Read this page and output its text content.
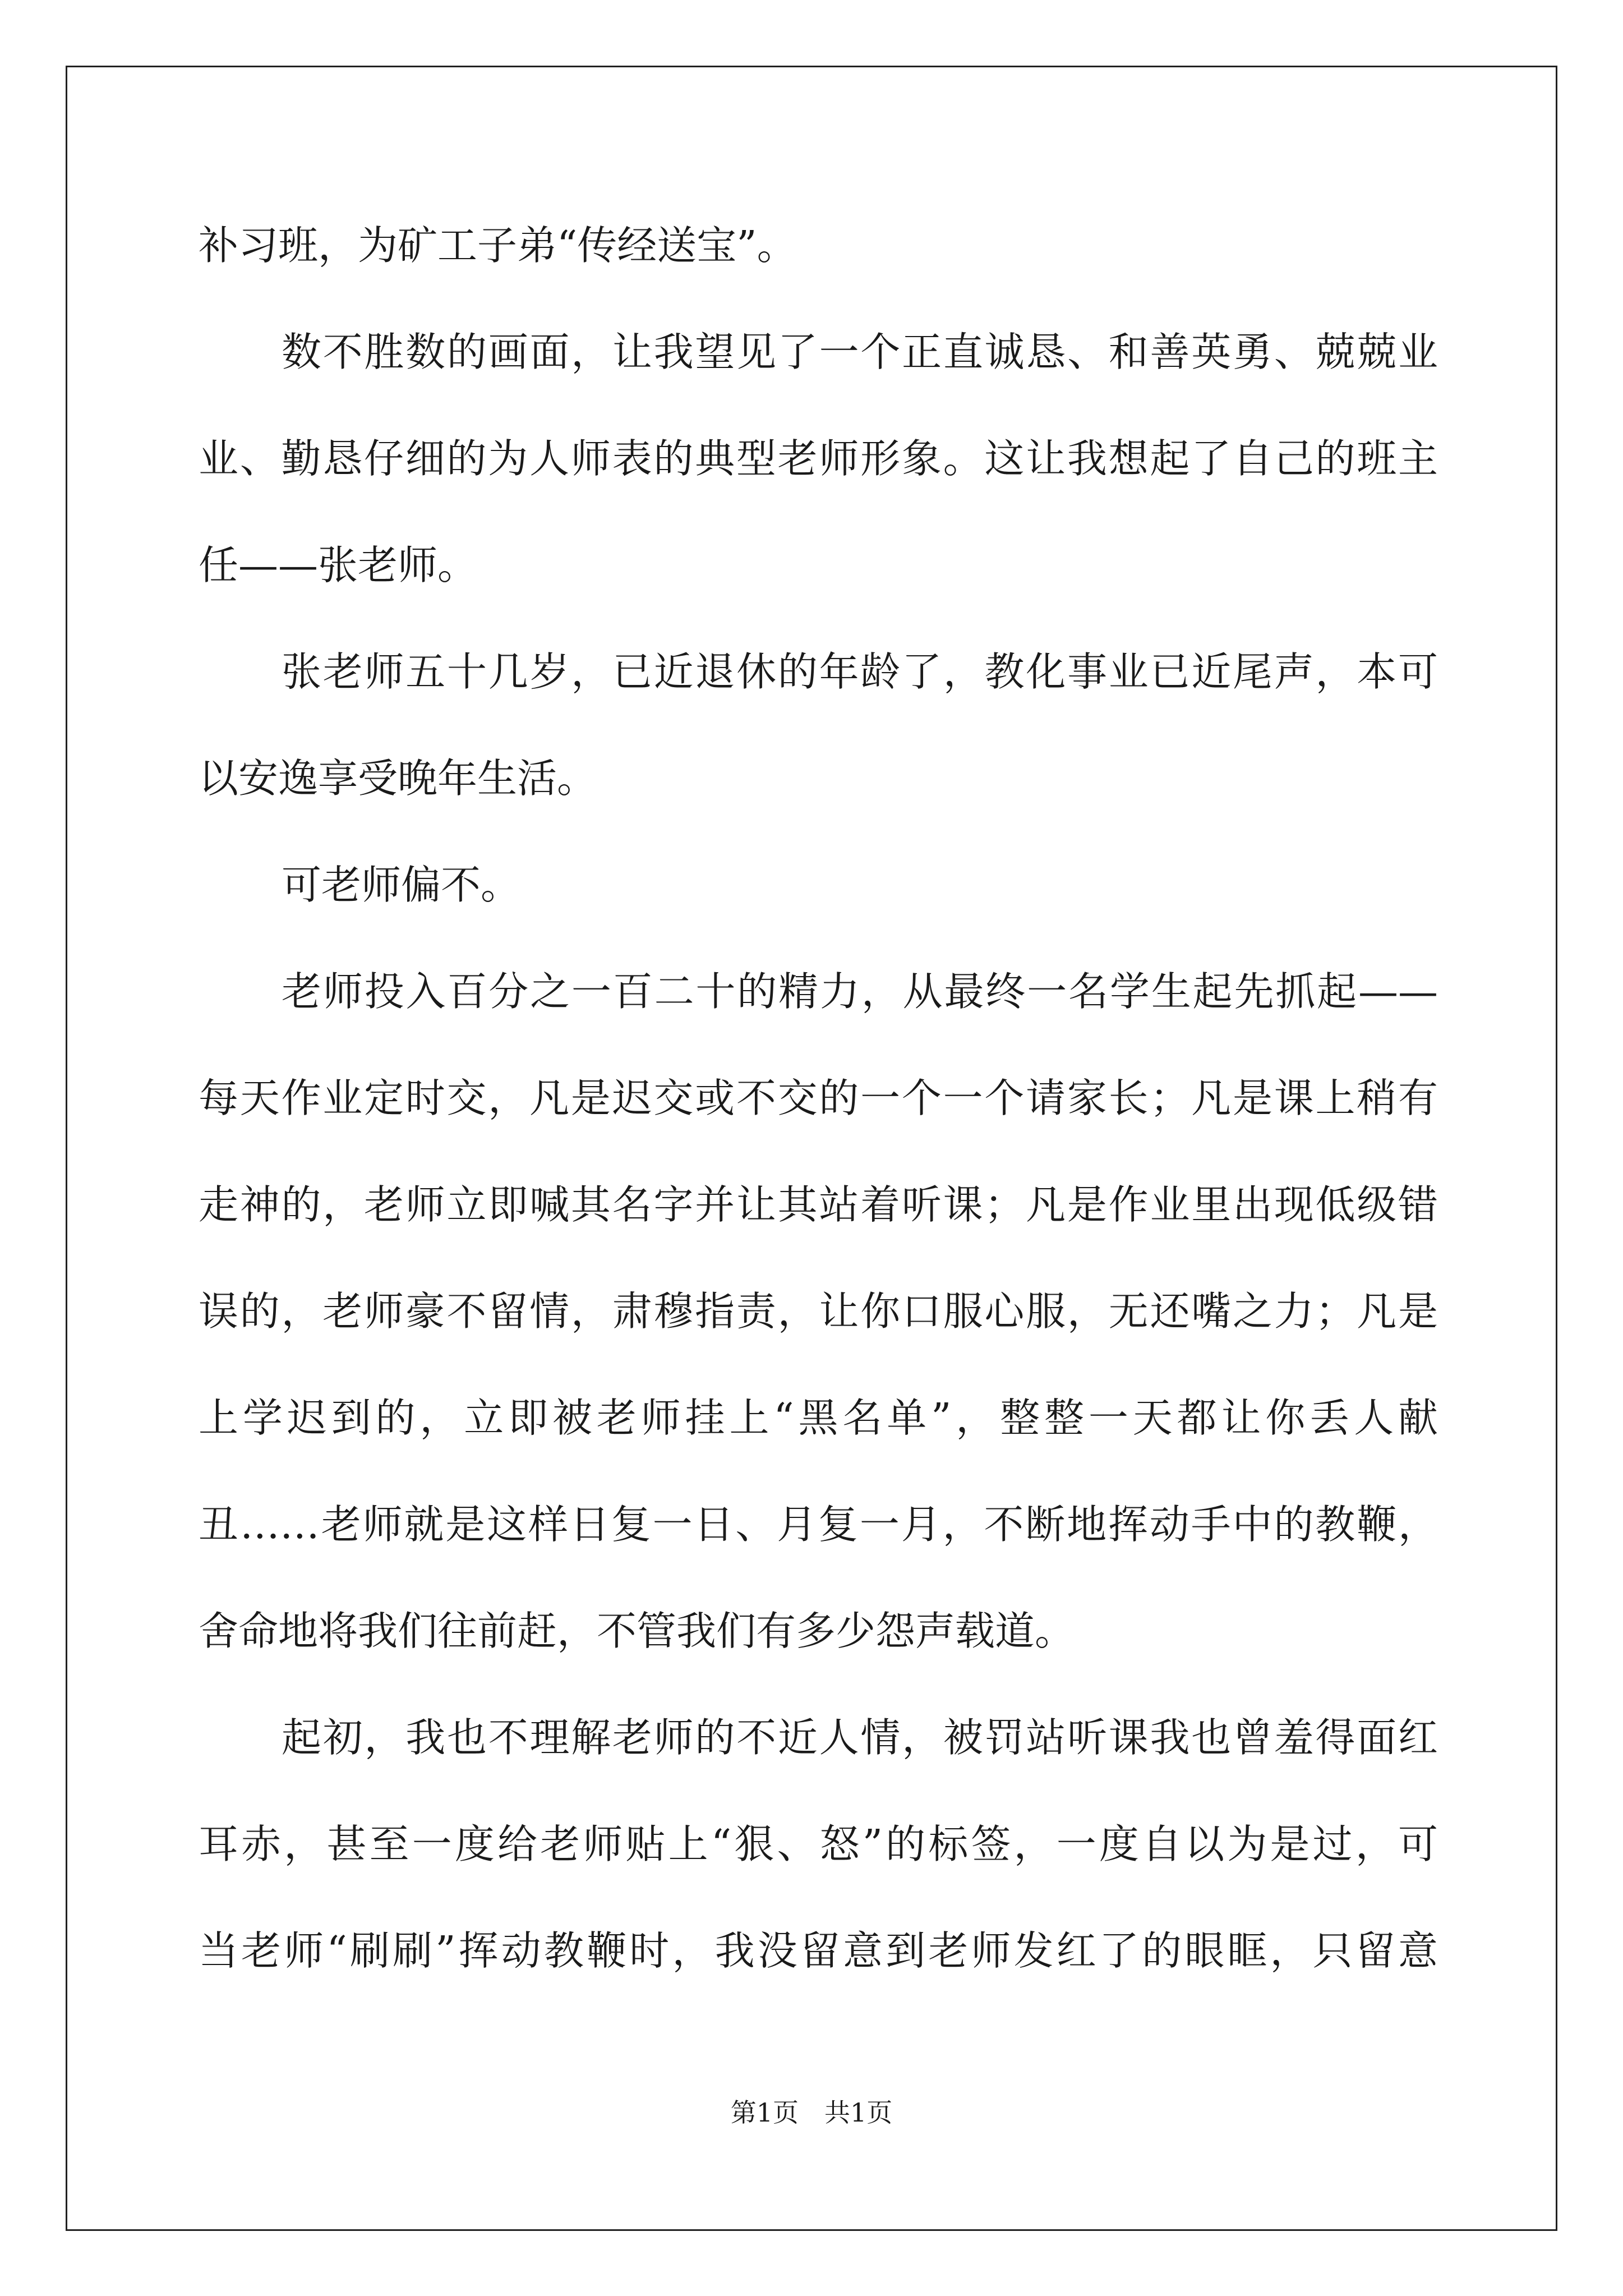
补习班，为矿工子弟“传经送宝”。
数不胜数的画面，让我望见了一个正直诚恳、和善英勇、兢兢业
业、勤恳仔细的为人师表的典型老师形象。这让我想起了自己的班主
任——张老师。
张老师五十几岁，已近退休的年龄了，教化事业已近尾声，本可
以安逸享受晚年生活。
可老师偏不。
老师投入百分之一百二十的精力，从最终一名学生起先抓起——
每天作业定时交，凡是迟交或不交的一个一个请家长；凡是课上稍有
走神的，老师立即喊其名字并让其站着听课；凡是作业里出现低级错
误的，老师豪不留情，肃穆指责，让你口服心服，无还嘴之力；凡是
上学迟到的，立即被老师挂上“黑名单”，整整一天都让你丢人献
丑……老师就是这样日复一日、月复一月，不断地挥动手中的教鞭，
舍命地将我们往前赶，不管我们有多少怨声载道。
起初，我也不理解老师的不近人情，被罚站听课我也曾羞得面红
耳赤，甚至一度给老师贴上“狠、怒”的标签，一度自以为是过，可
当老师“刷刷”挥动教鞭时，我没留意到老师发红了的眼眶，只留意
第1页　共1页
